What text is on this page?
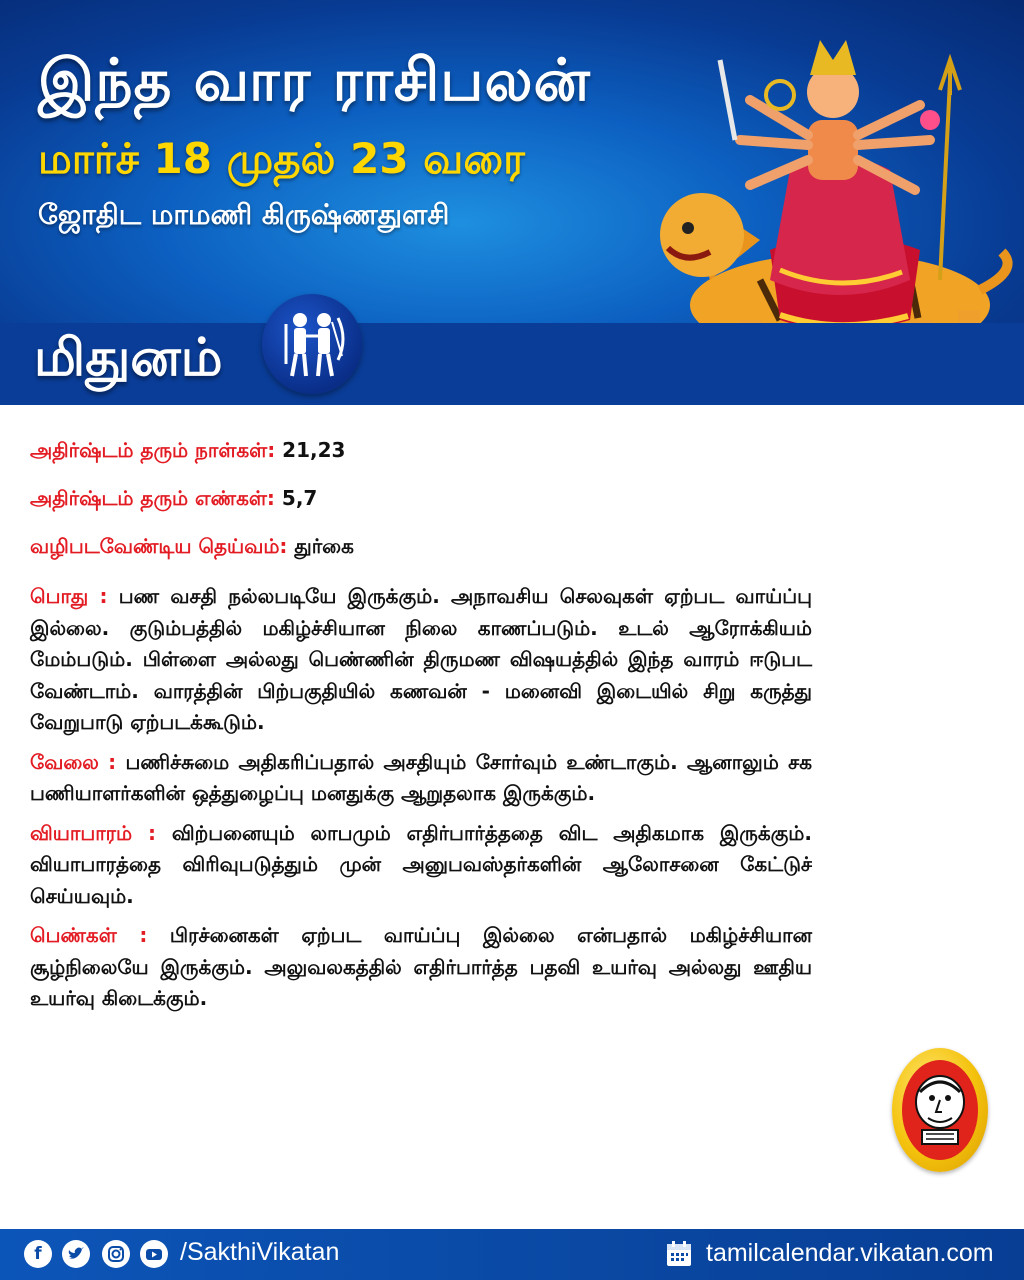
இந்த வார ராசிபலன்
மார்ச் 18 முதல் 23 வரை
ஜோதிட மாமணி கிருஷ்ணதுளசி
மிதுனம்
அதிர்ஷ்டம் தரும் நாள்கள்: 21,23
அதிர்ஷ்டம் தரும் எண்கள்: 5,7
வழிபடவேண்டிய தெய்வம்: துர்கை
பொது : பண வசதி நல்லபடியே இருக்கும். அநாவசிய செலவுகள் ஏற்பட வாய்ப்பு இல்லை. குடும்பத்தில் மகிழ்ச்சியான நிலை காணப்படும். உடல் ஆரோக்கியம் மேம்படும். பிள்ளை அல்லது பெண்ணின் திருமண விஷயத்தில் இந்த வாரம் ஈடுபட வேண்டாம். வாரத்தின் பிற்பகுதியில் கணவன் - மனைவி இடையில் சிறு கருத்து வேறுபாடு ஏற்படக்கூடும்.
வேலை : பணிச்சுமை அதிகரிப்பதால் அசதியும் சோர்வும் உண்டாகும். ஆனாலும் சக பணியாளர்களின் ஒத்துழைப்பு மனதுக்கு ஆறுதலாக இருக்கும்.
வியாபாரம் : விற்பனையும் லாபமும் எதிர்பார்த்ததை விட அதிகமாக இருக்கும். வியாபாரத்தை விரிவுபடுத்தும் முன் அனுபவஸ்தர்களின் ஆலோசனை கேட்டுச் செய்யவும்.
பெண்கள் : பிரச்னைகள் ஏற்பட வாய்ப்பு இல்லை என்பதால் மகிழ்ச்சியான சூழ்நிலையே இருக்கும். அலுவலகத்தில் எதிர்பார்த்த பதவி உயர்வு அல்லது ஊதிய உயர்வு கிடைக்கும்.
f	/SakthiVikatan	tamilcalendar.vikatan.com
